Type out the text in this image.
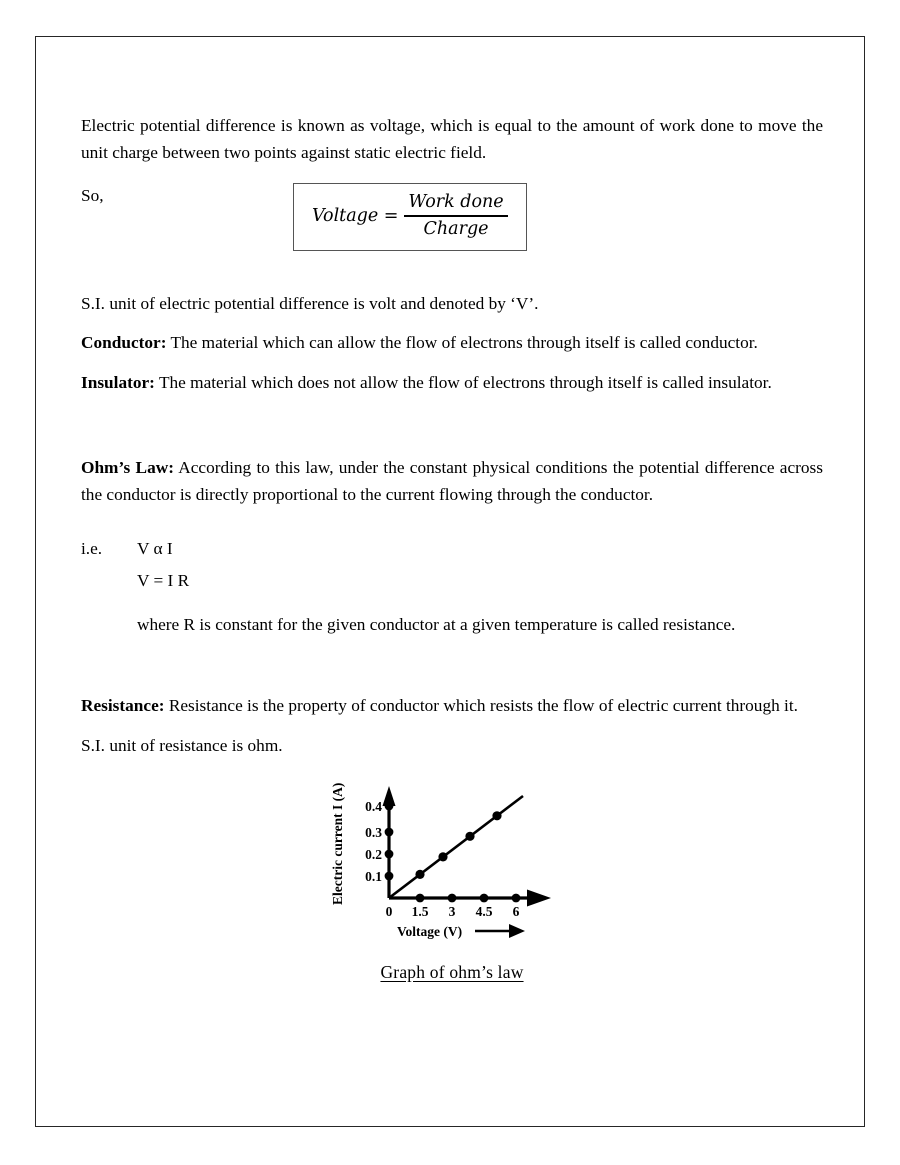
Electric potential difference is known as voltage, which is equal to the amount of work done to move the unit charge between two points against static electric field.

So,
Voltage = $\frac{\text{Work done}}{\text{Charge}}$

S.I. unit of electric potential difference is volt and denoted by ‘V’.

Conductor: The material which can allow the flow of electrons through itself is called conductor.

Insulator: The material which does not allow the flow of electrons through itself is called insulator.

Ohm’s Law: According to this law, under the constant physical conditions the potential difference across the conductor is directly proportional to the current flowing through the conductor.

i.e. V α I
V = I R
where R is constant for the given conductor at a given temperature is called resistance.

Resistance: Resistance is the property of conductor which resists the flow of electric current through it.

S.I. unit of resistance is ohm.

Electric current I (A) 0.1
0.2
0.3
0.4
0 1.5 3 4.5 6
Voltage (V)
Graph of ohm’s law
